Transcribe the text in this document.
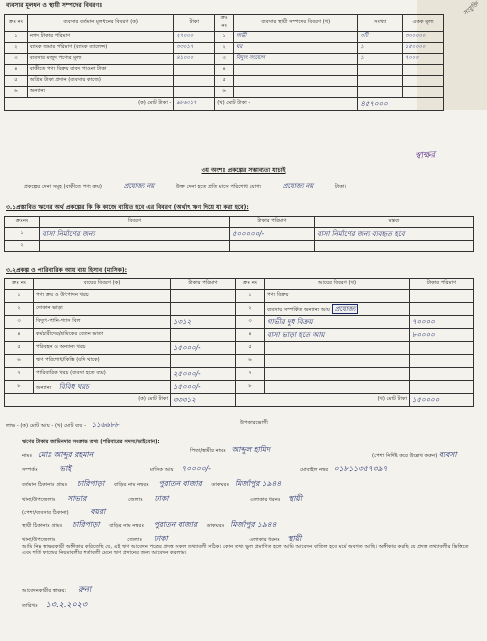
সংযুক্তি
ব্যবসার মূলধন ও স্থায়ী সম্পদের বিবরণঃ
ক্রঃ নং	ব্যবসার বর্তমান মূলধনের বিবরণ (ক)	টাকা	ক্রঃ নং	ব্যবসার স্থায়ী সম্পদের বিবরণ (খ)	সংখ্যা	একক মূল্য
১	নগদ টাকার পরিমাণ	২৭০০০	১	গাভী	৩টি	৩০০০০০
২	ব্যাংক জমার পরিমাণ (ব্যাংক ব্যালেন্স)	৩৩০১৭	২	ঘর	১	১৫০০০০
৩	ব্যবসার মজুদ পণ্যের মূল্য	৪১০০০	৩	বিদ্যুৎ সংযোগ	১	৭০০০
৪	বাকীতে পণ্য বিক্রয় বাবদ পাওনা টাকা		৪			
৫	অগ্রিম টাকা প্রদান (ব্যবসার কাজে)		৫			
৬	অন্যান্য		৬			
(ক) মোট টাকা -		৯৮৬০১৭	(খ) মোট টাকা -		৪৫৭০০০	
৩য় অংশঃ প্রকল্পের সম্ভাব্যতা যাচাই
প্রকল্পের দেনা সমূহ (বাকীতে পণ্য ক্রয়)	প্রযোজ্য নয়	উক্ত দেনা হতে প্রতি মাসে পরিশোধ যোগ্য	প্রযোজ্য নয়	টাকা।
৩.১প্রস্তাবিত ঋণের অর্থ প্রকল্পের কি কি কাজে ব্যয়িত হবে এর বিবরণ (অর্থাৎ ঋণ দিয়ে যা করা হবে):
ক্রঃনং	বিবরণ	টাকার পরিমাণ	মন্তব্য
১	বাসা নির্মাণের জন্য	৫০০০০০/-	বাসা নির্মাণের জন্য ব্যবহৃত হবে
২			
৩.২প্রকল্প ও পারিবারিক আয় ব্যয় হিসাব (মাসিক):
ক্রঃ নং	ব্যয়ের বিবরণ (ক)	টাকার পরিমাণ	ক্রঃ নং	আয়ের বিবরণ (খ)	টাকার পরিমাণ
১	পণ্য ক্রয় ও উৎপাদন খরচ		১	পণ্য বিক্রয়	
২	দোকান ভাড়া		২	ব্যবসায় সম্পর্কিত অন্যান্য আয় প্রযোজ্য	
৩	বিদ্যুৎ-পানি-গ্যাস বিল	১৩১২	৩	গাভীর দুধ বিক্রয়	৭০০০০
৪	কর্মচারীদের/শ্রমিকের বেতন ভাতা		৪	বাসা ভাড়া হতে আয়	৮০০০০
৫	পরিবহন ও অন্যান্য খরচ	১৫০০০/-	৫		
৬	ঋণ পরিশোধ/কিস্তি (যদি থাকে)		৬		
৭	পারিবারিক খরচ (ব্যবসা হতে ব্যয়)	২৫০০০/-	৭		
৮	অন্যান্য বিবিধ খরচ	১৫০০০/-	৮		
(ক) মোট টাকা		৩৩৩১২	(খ) মোট টাকা		১৫০০০০
লাভ - (ক) মোট আয় - (খ) মোট ব্যয় - ১১৬৬৮৮	উপকারভোগী
ঋণের টাকার জামিনদার সংক্রান্ত তথ্য (পরিবারের সদস্য/ভাইবোন):
নামঃ মোঃ আব্দুর রহমান	পিতা/স্বামীর নামঃ আব্দুল হামিদ
(পেশা নির্দিষ্ট করে উল্লেখ করুন) ব্যবসা
সম্পর্কঃ	ভাই	মাসিক আয় ৭০০০০/-	মোবাইল নম্বর ০১৮১১৩৫৭৩৯৭
বর্তমান ঠিকানাঃ গ্রামঃ চারিপাড়া বাড়ির নাম নম্বরঃ পুরাতন বাজার ডাকঘরঃ মির্জাপুর ১৯৪৪
থানা/উপজেলাঃ সাভার	জেলাঃ ঢাকা	এলাকার ধরনঃ স্থায়ী
(পেশা/ব্যবসার ঠিকানা)	বয়রা
স্থায়ী ঠিকানাঃ গ্রামঃ চারিপাড়া বাড়ির নাম নম্বরঃ পুরাতন বাজার ডাকঘরঃ মির্জাপুর ১৯৪৪
থানা/উপজেলাঃ	জেলাঃ ঢাকা	এলাকার ধরনঃ স্থায়ী
আমি নিম্ন স্বাক্ষরকারী অঙ্গীকার করিতেছি যে, এই ঋণ আবেদন পত্রের প্রদত্ত সকল তথ্যাবলী সঠিক। কোন তথ্য ভুল প্রমাণিত হলে আমি আবেদন বাতিল হবে মর্মে অবগত আছি। অঙ্গীকার করছি যে প্রদত্ত তথ্যাবলীর ভিত্তিতে এবং শর্তি ফান্ডের নিয়মাবলীর শর্তাবলী মেনে ঋণ প্রদানের জন্য আবেদন করলাম।
আবেদনকারীর স্বাক্ষর: রুনা
তারিখঃ ১৩.২.২০২৩
স্বাক্ষর
